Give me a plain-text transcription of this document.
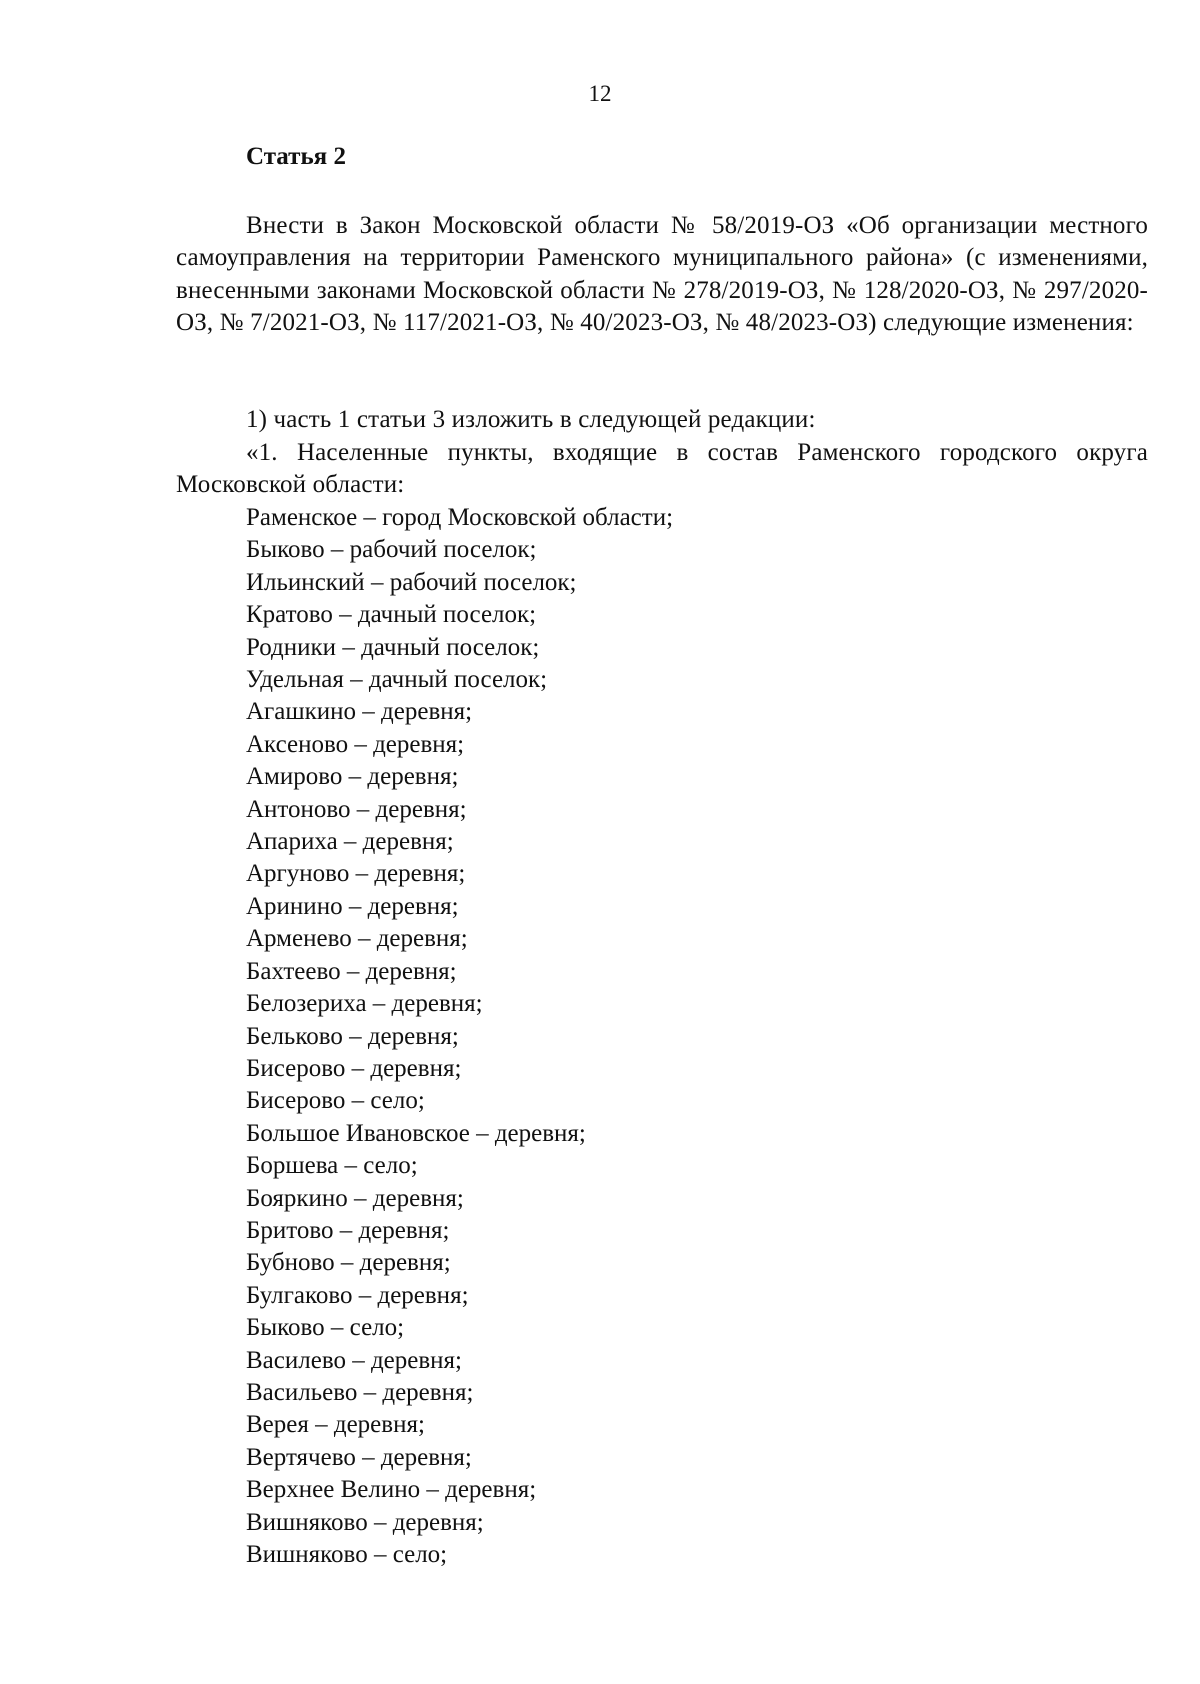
12
Статья 2

Внести в Закон Московской области № 58/2019-ОЗ «Об организации местного самоуправления на территории Раменского муниципального района» (с изменениями, внесенными законами Московской области № 278/2019-ОЗ, № 128/2020-ОЗ, № 297/2020-ОЗ, № 7/2021-ОЗ, № 117/2021-ОЗ, № 40/2023-ОЗ, № 48/2023-ОЗ) следующие изменения:

1) часть 1 статьи 3 изложить в следующей редакции:

«1. Населенные пункты, входящие в состав Раменского городского округа Московской области:

Раменское – город Московской области;
Быково – рабочий поселок;
Ильинский – рабочий поселок;
Кратово – дачный поселок;
Родники – дачный поселок;
Удельная – дачный поселок;
Агашкино – деревня;
Аксеново – деревня;
Амирово – деревня;
Антоново – деревня;
Апариха – деревня;
Аргуново – деревня;
Аринино – деревня;
Арменево – деревня;
Бахтеево – деревня;
Белозериха – деревня;
Бельково – деревня;
Бисерово – деревня;
Бисерово – село;
Большое Ивановское – деревня;
Боршева – село;
Бояркино – деревня;
Бритово – деревня;
Бубново – деревня;
Булгаково – деревня;
Быково – село;
Василево – деревня;
Васильево – деревня;
Верея – деревня;
Вертячево – деревня;
Верхнее Велино – деревня;
Вишняково – деревня;
Вишняково – село;
